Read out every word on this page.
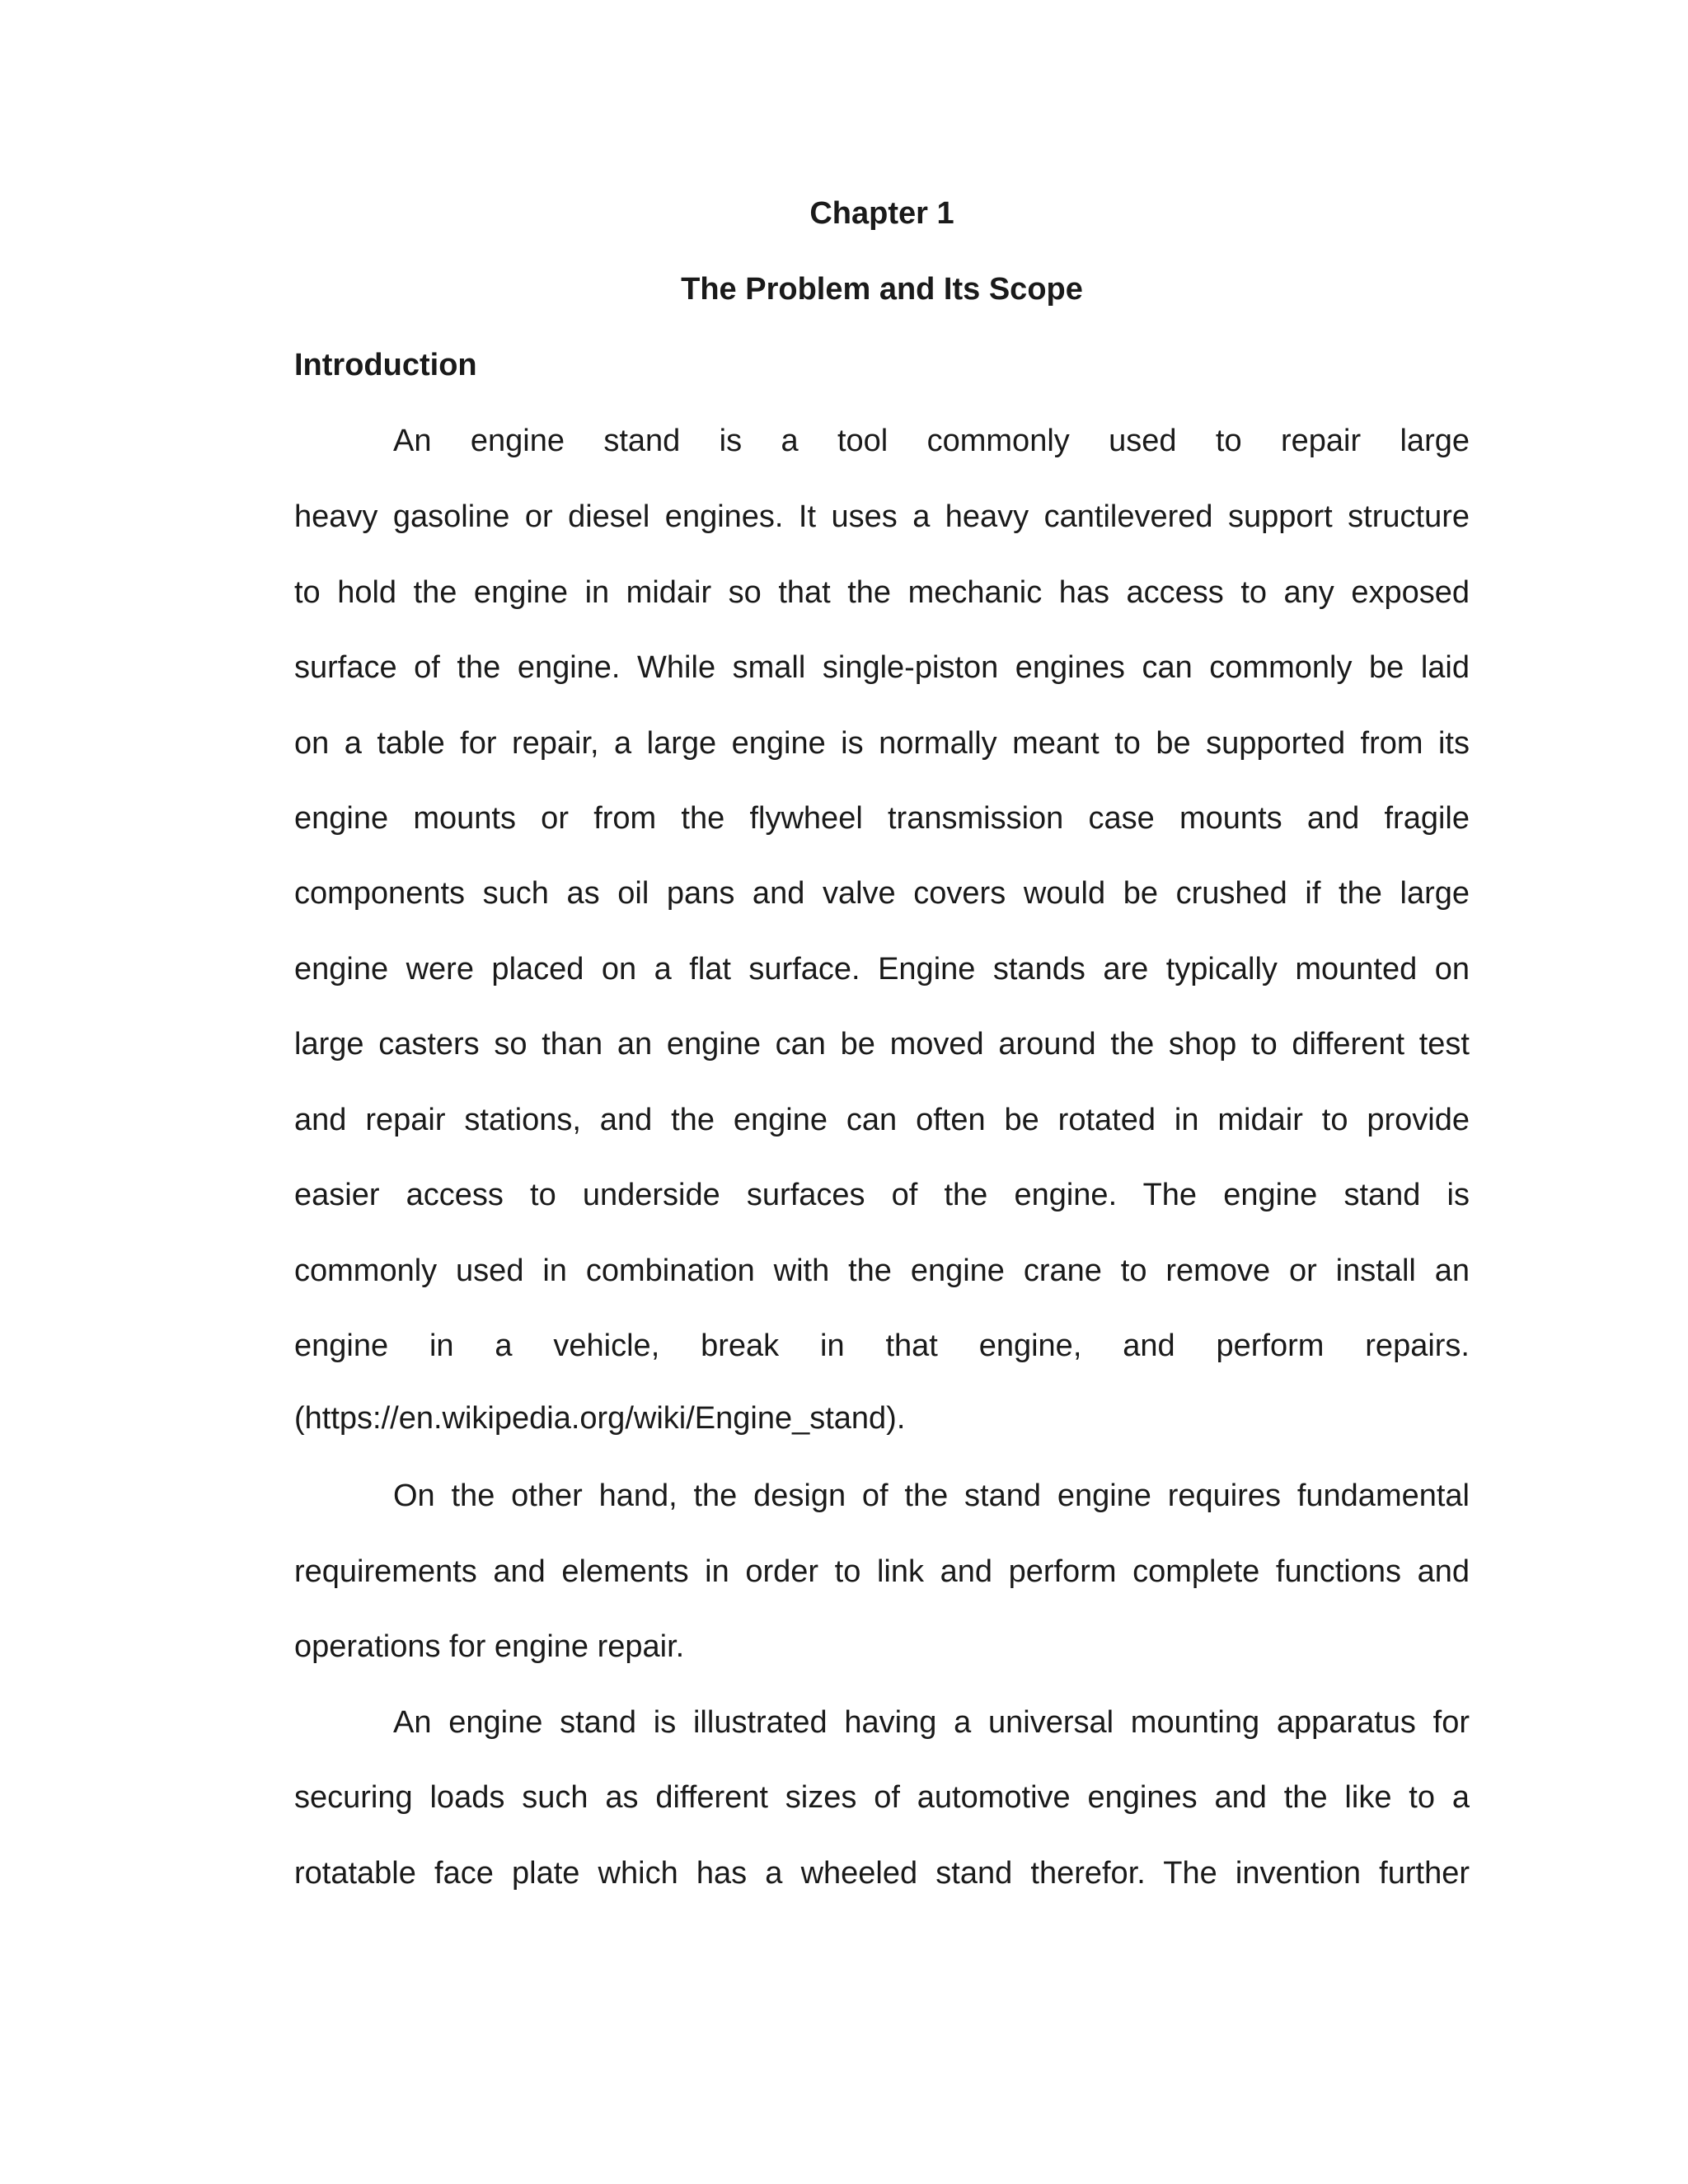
Chapter 1
The Problem and Its Scope
Introduction
An engine stand is a tool commonly used to repair large
heavy gasoline or diesel engines. It uses a heavy cantilevered support structure
to hold the engine in midair so that the mechanic has access to any exposed
surface of the engine. While small single-piston engines can commonly be laid
on a table for repair, a large engine is normally meant to be supported from its
engine mounts or from the flywheel transmission case mounts and fragile
components such as oil pans and valve covers would be crushed if the large
engine were placed on a flat surface. Engine stands are typically mounted on
large casters so than an engine can be moved around the shop to different test
and repair stations, and the engine can often be rotated in midair to provide
easier access to underside surfaces of the engine. The engine stand is
commonly used in combination with the engine crane to remove or install an
engine in a vehicle, break in that engine, and perform repairs.
(https://en.wikipedia.org/wiki/Engine_stand).
On the other hand, the design of the stand engine requires fundamental
requirements and elements in order to link and perform complete functions and
operations for engine repair.
An engine stand is illustrated having a universal mounting apparatus for
securing loads such as different sizes of automotive engines and the like to a
rotatable face plate which has a wheeled stand therefor. The invention further
